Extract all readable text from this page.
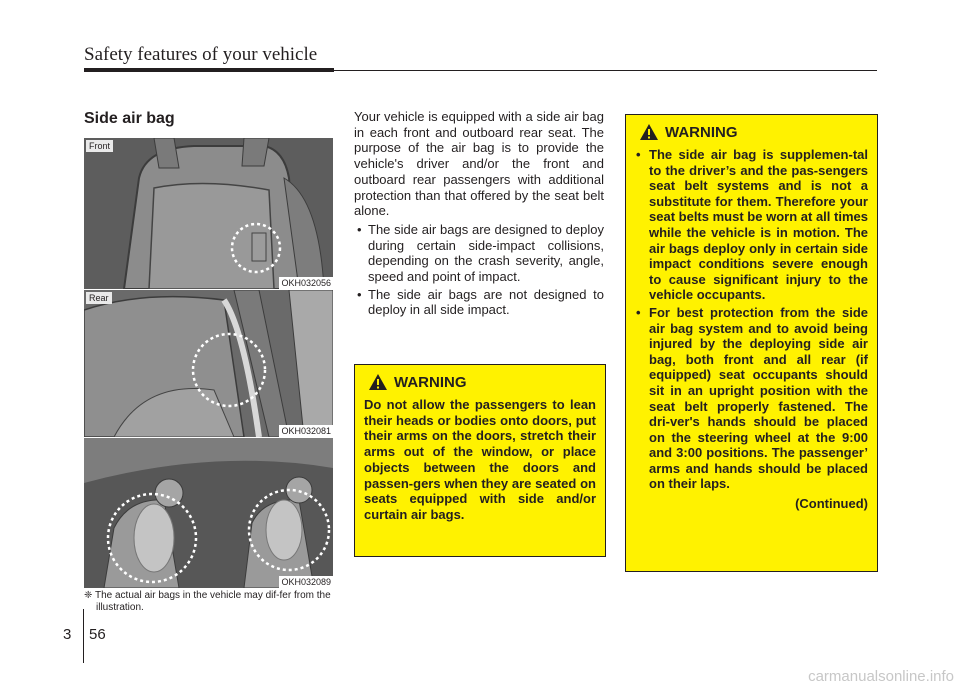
Safety features of your vehicle
Side air bag
Front
OKH032056
Rear
OKH032081
OKH032089
❈ The actual air bags in the vehicle may dif-fer from the illustration.

Your vehicle is equipped with a side air bag in each front and outboard rear seat. The purpose of the air bag is to provide the vehicle's driver and/or the front and outboard rear passengers with additional protection than that offered by the seat belt alone.

• The side air bags are designed to deploy during certain side-impact collisions, depending on the crash severity, angle, speed and point of impact.
• The side air bags are not designed to deploy in all side impact.
WARNING
Do not allow the passengers to lean their heads or bodies onto doors, put their arms on the doors, stretch their arms out of the window, or place objects between the doors and passen-gers when they are seated on seats equipped with side and/or curtain air bags.
WARNING
• The side air bag is supplemen-tal to the driver’s and the pas-sengers seat belt systems and is not a substitute for them. Therefore your seat belts must be worn at all times while the vehicle is in motion. The air bags deploy only in certain side impact conditions severe enough to cause significant injury to the vehicle occupants.
• For best protection from the side air bag system and to avoid being injured by the deploying side air bag, both front and all rear (if equipped) seat occupants should sit in an upright position with the seat belt properly fastened. The dri-ver's hands should be placed on the steering wheel at the 9:00 and 3:00 positions. The passenger’ arms and hands should be placed on their laps.
(Continued)
3 56
carmanualsonline.info
